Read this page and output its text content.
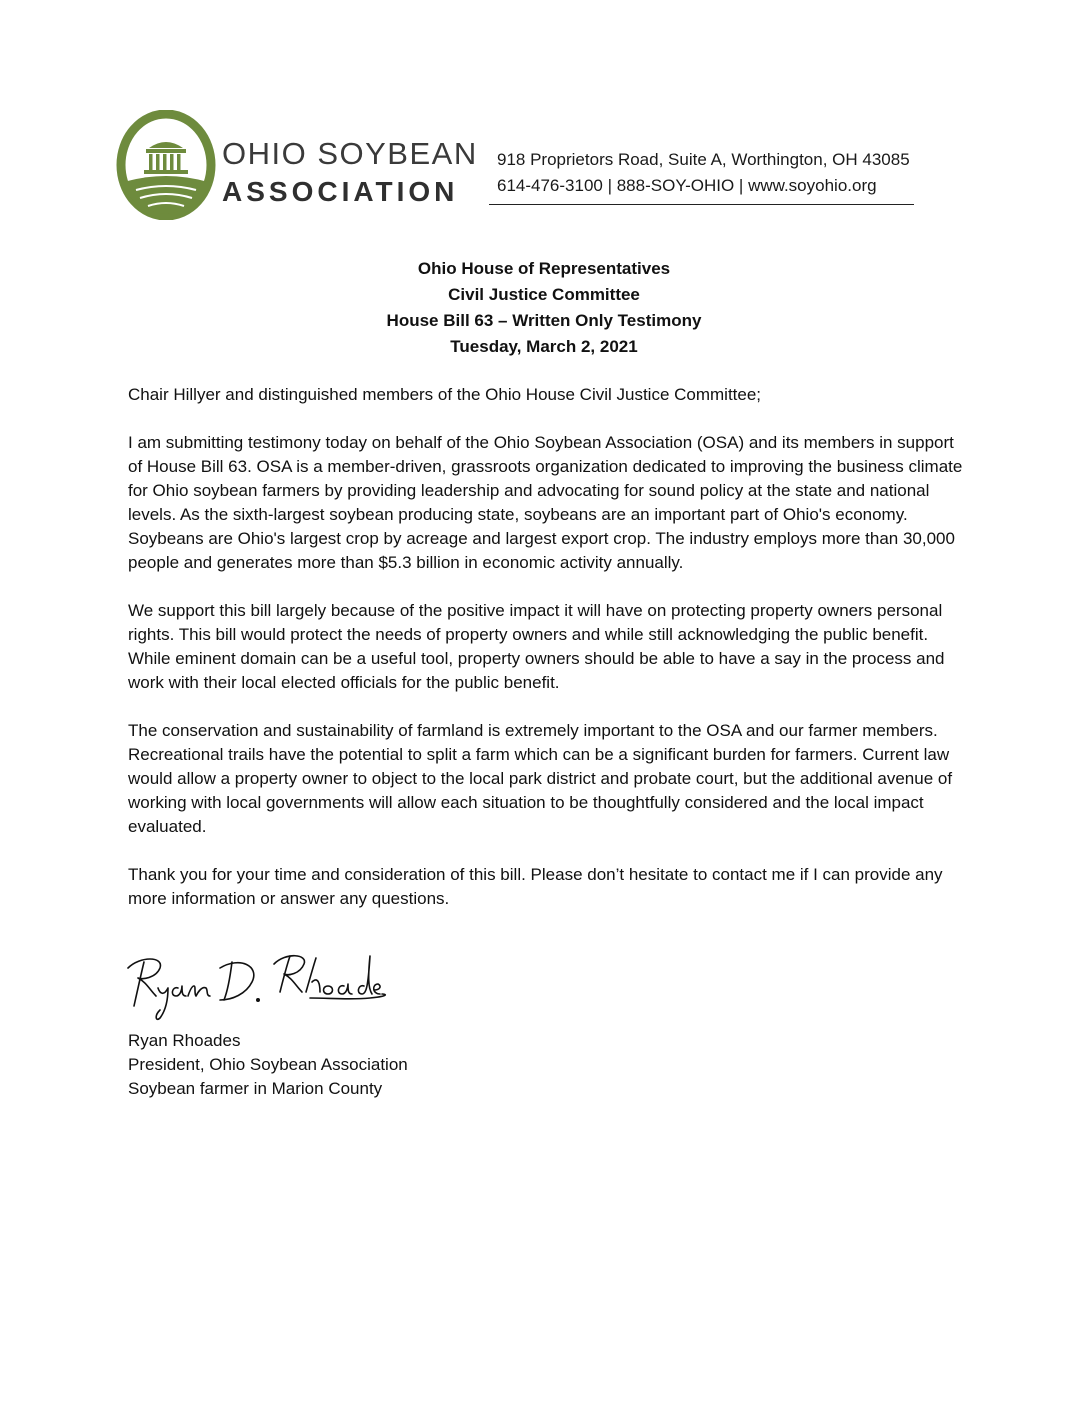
OHIO SOYBEAN
ASSOCIATION
918 Proprietors Road, Suite A, Worthington, OH 43085
614-476-3100 | 888-SOY-OHIO | www.soyohio.org
Ohio House of Representatives
Civil Justice Committee
House Bill 63 – Written Only Testimony
Tuesday, March 2, 2021

Chair Hillyer and distinguished members of the Ohio House Civil Justice Committee;

I am submitting testimony today on behalf of the Ohio Soybean Association (OSA) and its members in support of House Bill 63. OSA is a member-driven, grassroots organization dedicated to improving the business climate for Ohio soybean farmers by providing leadership and advocating for sound policy at the state and national levels. As the sixth-largest soybean producing state, soybeans are an important part of Ohio's economy. Soybeans are Ohio's largest crop by acreage and largest export crop. The industry employs more than 30,000 people and generates more than $5.3 billion in economic activity annually.

We support this bill largely because of the positive impact it will have on protecting property owners personal rights. This bill would protect the needs of property owners and while still acknowledging the public benefit. While eminent domain can be a useful tool, property owners should be able to have a say in the process and work with their local elected officials for the public benefit.

The conservation and sustainability of farmland is extremely important to the OSA and our farmer members. Recreational trails have the potential to split a farm which can be a significant burden for farmers. Current law would allow a property owner to object to the local park district and probate court, but the additional avenue of working with local governments will allow each situation to be thoughtfully considered and the local impact evaluated.

Thank you for your time and consideration of this bill. Please don’t hesitate to contact me if I can provide any more information or answer any questions.

Ryan Rhoades
President, Ohio Soybean Association
Soybean farmer in Marion County
